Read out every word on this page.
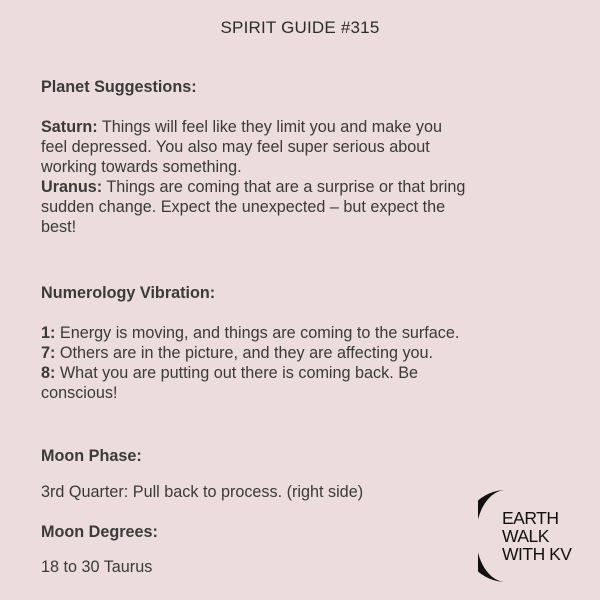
SPIRIT GUIDE #315
Planet Suggestions:
Saturn: Things will feel like they limit you and make you
feel depressed. You also may feel super serious about
working towards something.
Uranus: Things are coming that are a surprise or that bring
sudden change. Expect the unexpected – but expect the
best!
Numerology Vibration:
1: Energy is moving, and things are coming to the surface.
7: Others are in the picture, and they are affecting you.
8: What you are putting out there is coming back. Be
conscious!
Moon Phase:
3rd Quarter: Pull back to process. (right side)
Moon Degrees:
18 to 30 Taurus
EARTH
WALK
WITH KV
